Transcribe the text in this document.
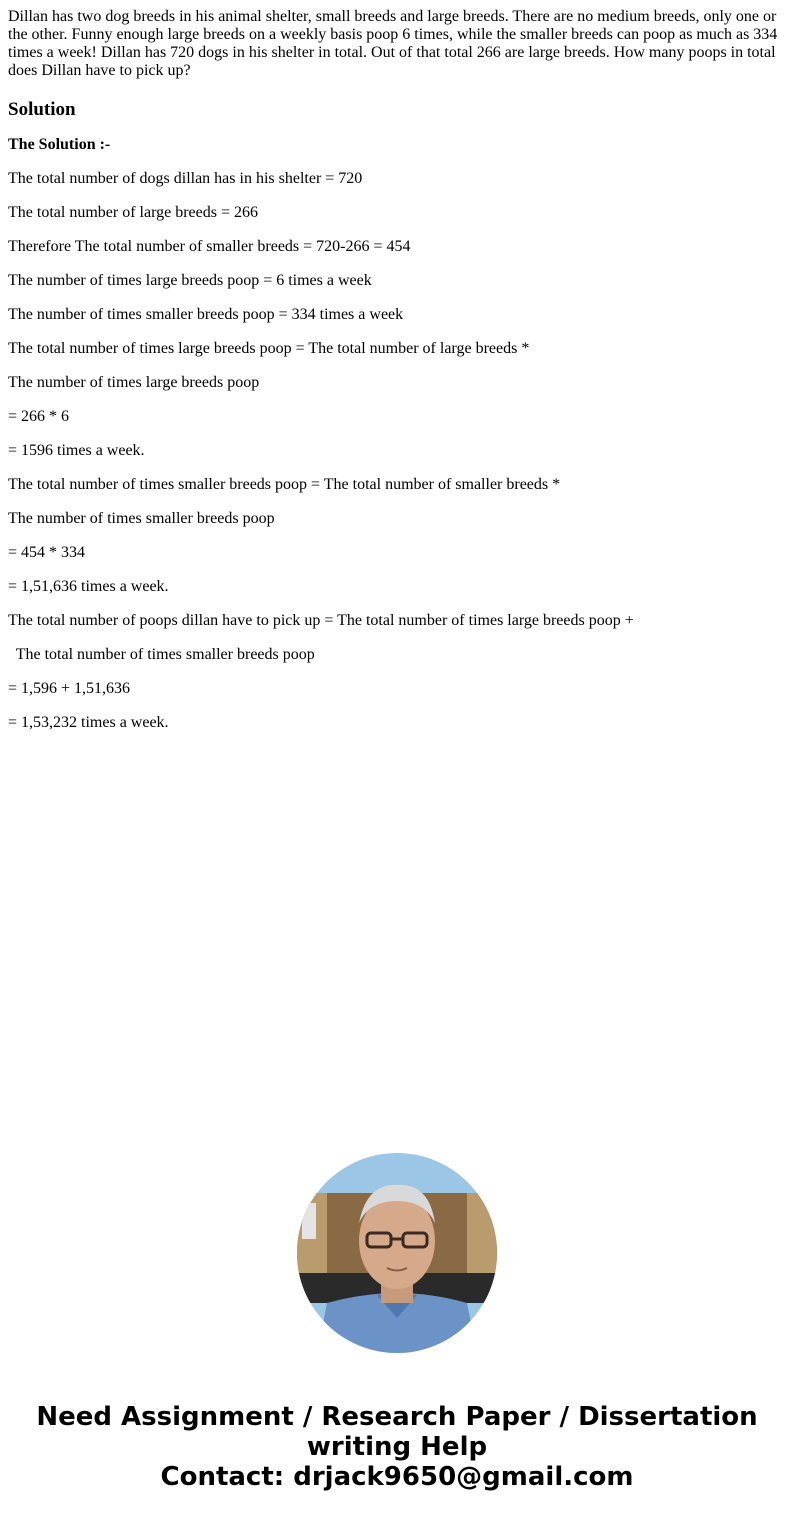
Dillan has two dog breeds in his animal shelter, small breeds and large breeds. There are no medium breeds, only one or the other. Funny enough large breeds on a weekly basis poop 6 times, while the smaller breeds can poop as much as 334 times a week! Dillan has 720 dogs in his shelter in total. Out of that total 266 are large breeds. How many poops in total does Dillan have to pick up?

Solution

The Solution :-

The total number of dogs dillan has in his shelter = 720

The total number of large breeds = 266

Therefore The total number of smaller breeds = 720-266 = 454

The number of times large breeds poop = 6 times a week

The number of times smaller breeds poop = 334 times a week

The total number of times large breeds poop = The total number of large breeds *

The number of times large breeds poop

= 266 * 6

= 1596 times a week.

The total number of times smaller breeds poop = The total number of smaller breeds *

The number of times smaller breeds poop

= 454 * 334

= 1,51,636 times a week.

The total number of poops dillan have to pick up = The total number of times large breeds poop +

The total number of times smaller breeds poop

= 1,596 + 1,51,636

= 1,53,232 times a week.

Need Assignment / Research Paper / Dissertation
writing Help
Contact: drjack9650@gmail.com
